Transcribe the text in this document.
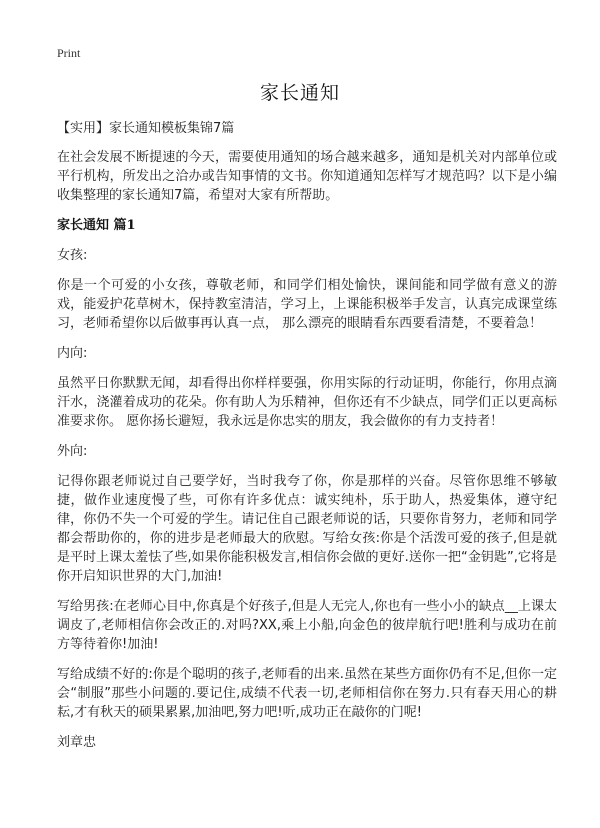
Print
家长通知
【实用】家长通知模板集锦7篇

在社会发展不断提速的今天，需要使用通知的场合越来越多，通知是机关对内部单位或平行机构，所发出之洽办或告知事情的文书。你知道通知怎样写才规范吗？以下是小编收集整理的家长通知7篇，希望对大家有所帮助。

家长通知 篇1
女孩:

你是一个可爱的小女孩，尊敬老师，和同学们相处愉快，课间能和同学做有意义的游戏，能爱护花草树木，保持教室清洁，学习上，上课能积极举手发言，认真完成课堂练习，老师希望你以后做事再认真一点， 那么漂亮的眼睛看东西要看清楚，不要着急！

内向:

虽然平日你默默无闻，却看得出你样样要强，你用实际的行动证明，你能行，你用点滴汗水，浇灌着成功的花朵。你有助人为乐精神，但你还有不少缺点，同学们正以更高标准要求你。 愿你扬长避短，我永远是你忠实的朋友，我会做你的有力支持者！

外向:

记得你跟老师说过自己要学好，当时我夸了你，你是那样的兴奋。尽管你思维不够敏捷，做作业速度慢了些，可你有许多优点：诚实纯朴，乐于助人，热爱集体，遵守纪律，你仍不失一个可爱的学生。请记住自己跟老师说的话，只要你肯努力，老师和同学都会帮助你的，你的进步是老师最大的欣慰。写给女孩:你是个活泼可爱的孩子,但是就是平时上课太羞怯了些,如果你能积极发言,相信你会做的更好.送你一把“金钥匙”,它将是你开启知识世界的大门,加油!

写给男孩:在老师心目中,你真是个好孩子,但是人无完人,你也有一些小小的缺点__上课太调皮了,老师相信你会改正的.对吗?XX,乘上小船,向金色的彼岸航行吧!胜利与成功在前方等待着你!加油!

写给成绩不好的:你是个聪明的孩子,老师看的出来.虽然在某些方面你仍有不足,但你一定会“制服”那些小问题的.要记住,成绩不代表一切,老师相信你在努力.只有春天用心的耕耘,才有秋天的硕果累累,加油吧,努力吧!听,成功正在敲你的门呢!

刘章忠
